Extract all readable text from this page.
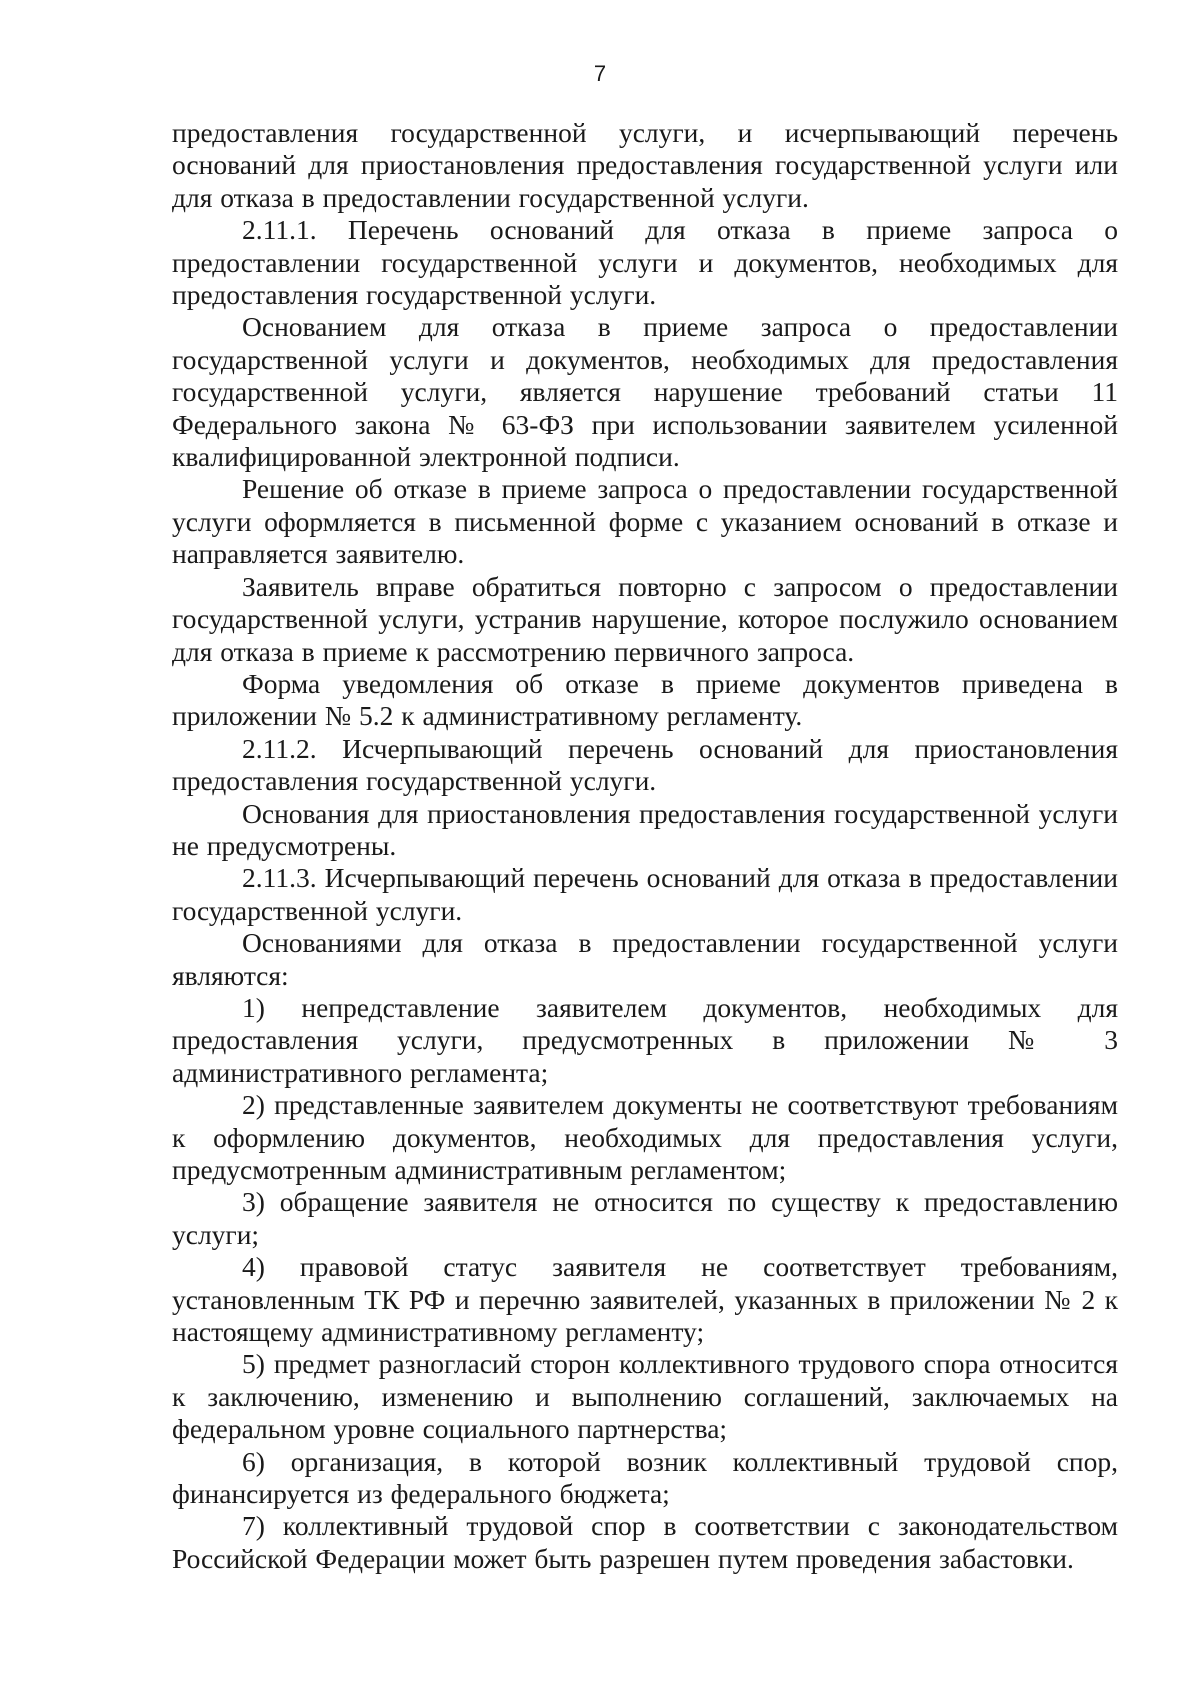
7

предоставления государственной услуги, и исчерпывающий перечень оснований для приостановления предоставления государственной услуги или для отказа в предоставлении государственной услуги.

2.11.1. Перечень оснований для отказа в приеме запроса о предоставлении государственной услуги и документов, необходимых для предоставления государственной услуги.

Основанием для отказа в приеме запроса о предоставлении государственной услуги и документов, необходимых для предоставления государственной услуги, является нарушение требований статьи 11 Федерального закона № 63-ФЗ при использовании заявителем усиленной квалифицированной электронной подписи.

Решение об отказе в приеме запроса о предоставлении государственной услуги оформляется в письменной форме с указанием оснований в отказе и направляется заявителю.

Заявитель вправе обратиться повторно с запросом о предоставлении государственной услуги, устранив нарушение, которое послужило основанием для отказа в приеме к рассмотрению первичного запроса.

Форма уведомления об отказе в приеме документов приведена в приложении № 5.2 к административному регламенту.

2.11.2. Исчерпывающий перечень оснований для приостановления предоставления государственной услуги.

Основания для приостановления предоставления государственной услуги не предусмотрены.

2.11.3. Исчерпывающий перечень оснований для отказа в предоставлении государственной услуги.

Основаниями для отказа в предоставлении государственной услуги являются:

1) непредставление заявителем документов, необходимых для предоставления услуги, предусмотренных в приложении № 3 административного регламента;

2) представленные заявителем документы не соответствуют требованиям к оформлению документов, необходимых для предоставления услуги, предусмотренным административным регламентом;

3) обращение заявителя не относится по существу к предоставлению услуги;

4) правовой статус заявителя не соответствует требованиям, установленным ТК РФ и перечню заявителей, указанных в приложении № 2 к настоящему административному регламенту;

5) предмет разногласий сторон коллективного трудового спора относится к заключению, изменению и выполнению соглашений, заключаемых на федеральном уровне социального партнерства;

6) организация, в которой возник коллективный трудовой спор, финансируется из федерального бюджета;

7) коллективный трудовой спор в соответствии с законодательством Российской Федерации может быть разрешен путем проведения забастовки.
